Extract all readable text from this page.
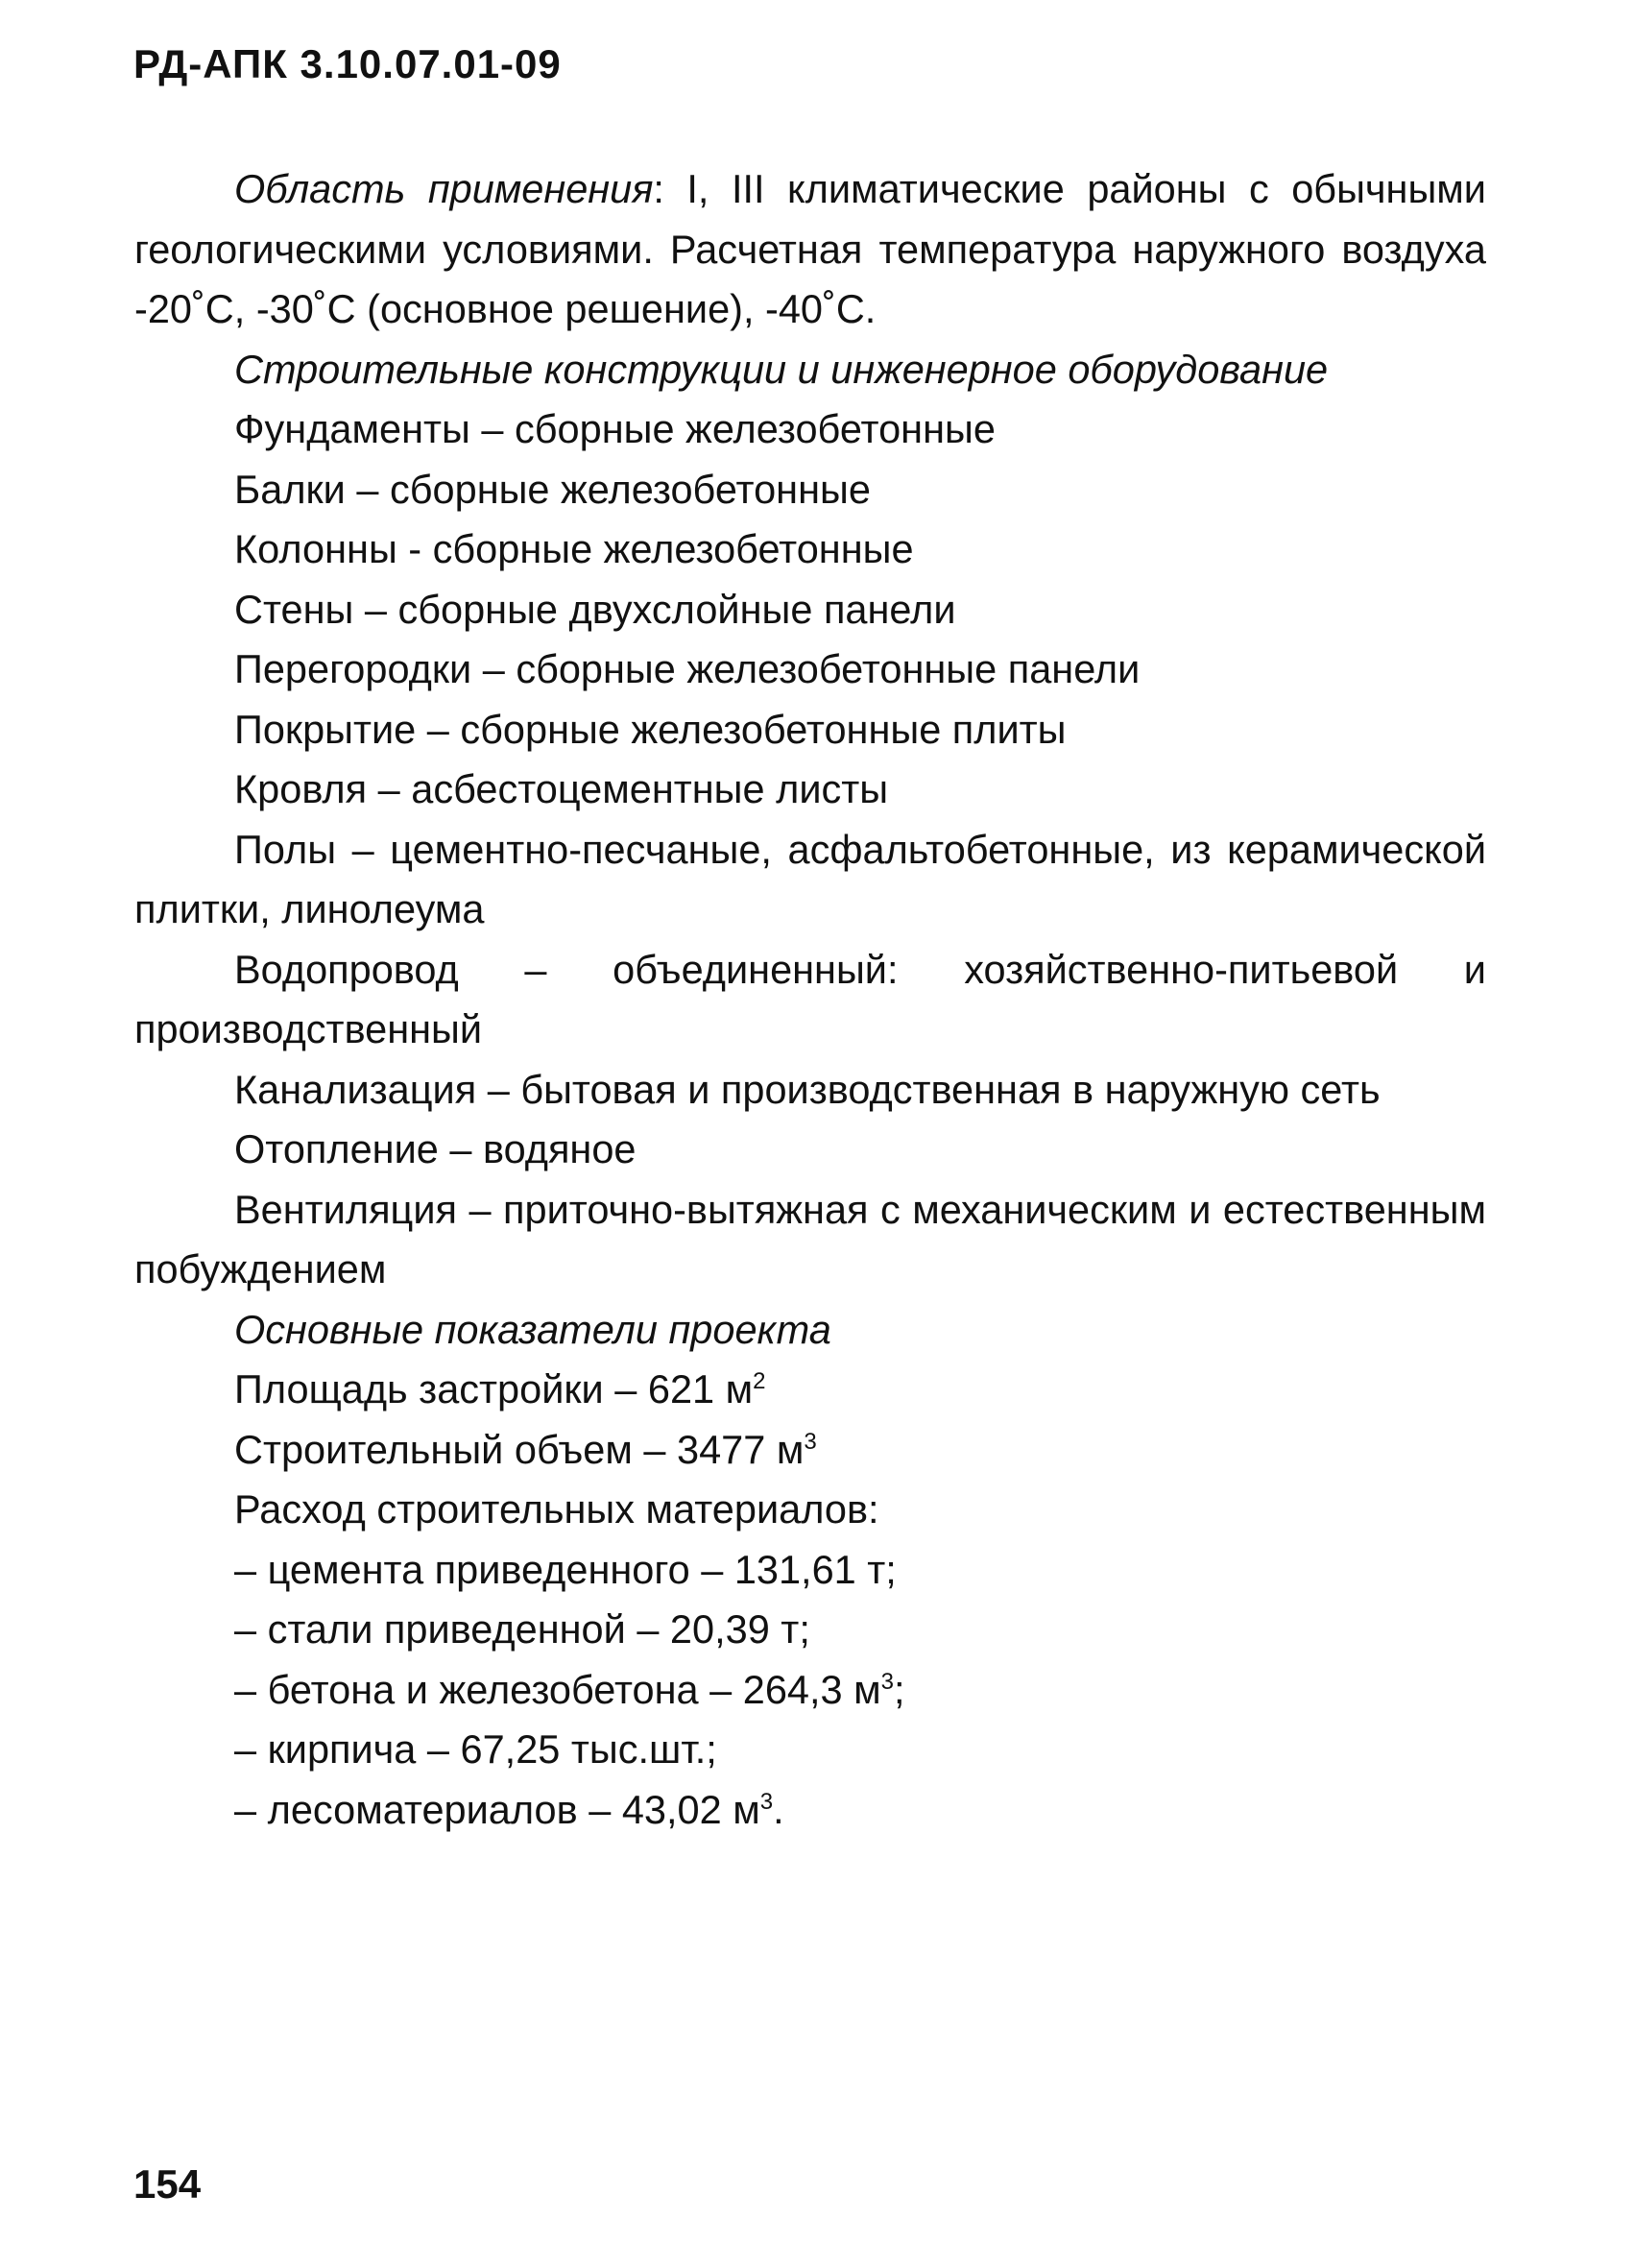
РД-АПК 3.10.07.01-09

Область применения: I, III климатические районы с обычными геологическими условиями. Расчетная температура наружного воздуха -20˚С, -30˚С (основное решение), -40˚С.

Строительные конструкции и инженерное оборудование

Фундаменты – сборные железобетонные

Балки – сборные железобетонные

Колонны - сборные железобетонные

Стены – сборные двухслойные панели

Перегородки – сборные железобетонные панели

Покрытие – сборные железобетонные плиты

Кровля – асбестоцементные листы

Полы – цементно-песчаные, асфальтобетонные, из керамической плитки, линолеума

Водопровод – объединенный: хозяйственно-питьевой и производственный

Канализация – бытовая и производственная в наружную сеть

Отопление – водяное

Вентиляция – приточно-вытяжная с механическим и естественным побуждением

Основные показатели проекта

Площадь застройки – 621 $м^2$

Строительный объем – 3477 $м^3$

Расход строительных материалов:

– цемента приведенного – 131,61 т;

– стали приведенной – 20,39 т;

– бетона и железобетона – 264,3 $м^3$;

– кирпича – 67,25 тыс.шт.;

– лесоматериалов – 43,02 $м^3$.

154
